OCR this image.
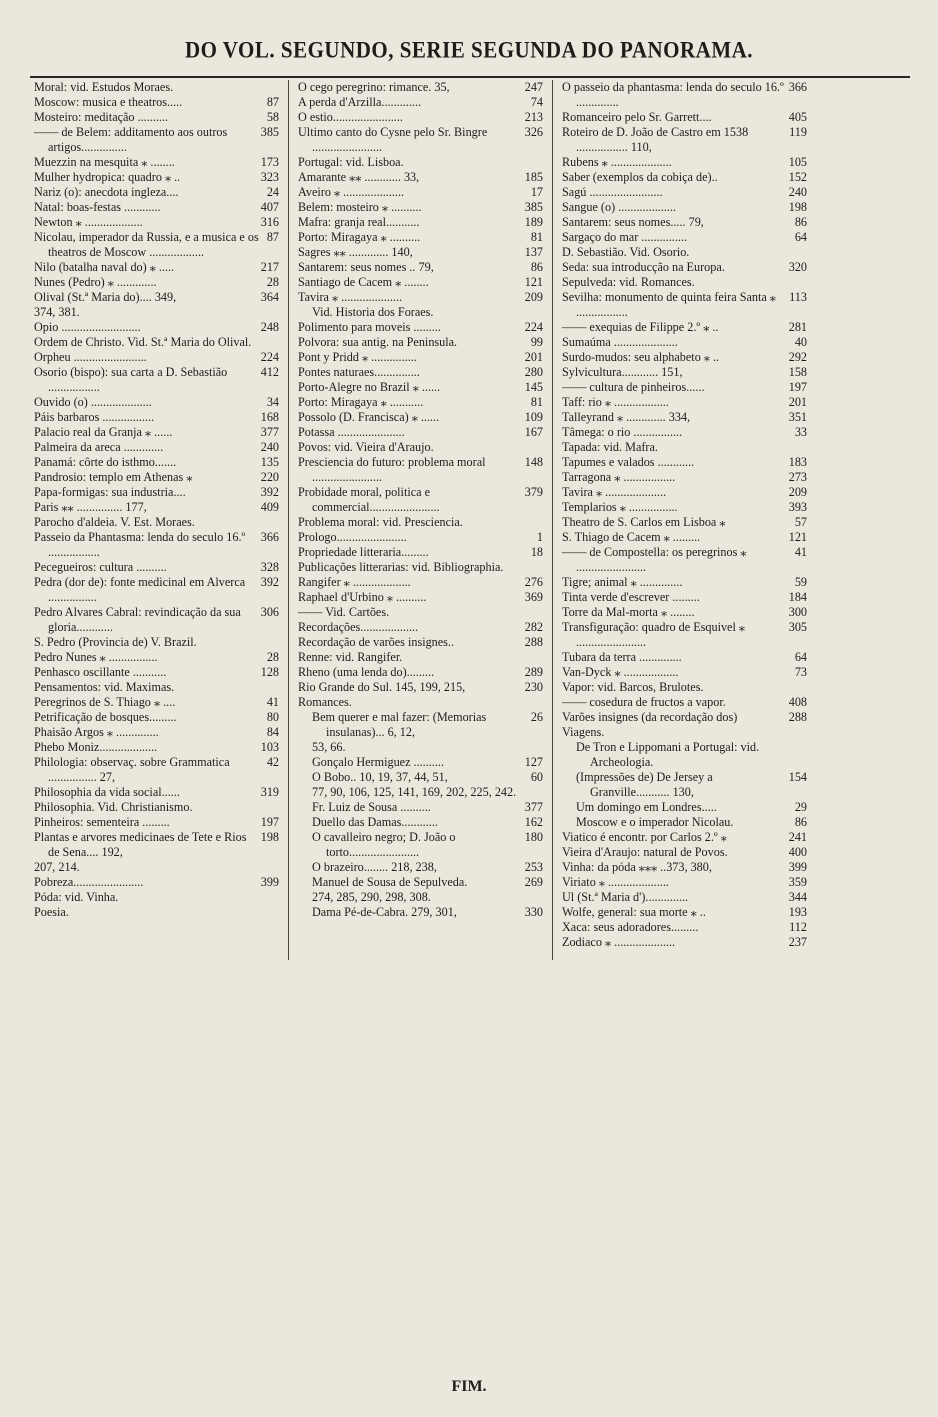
DO VOL. SEGUNDO, SERIE SEGUNDA DO PANORAMA.
Moral: vid. Estudos Moraes.
87
Moscow: musica e theatros.....
58
Mosteiro: meditação ..........
385
—— de Belem: additamento aos outros artigos...............
173
Muezzin na mesquita ⁎ ........
323
Mulher hydropica: quadro ⁎ ..
24
Nariz (o): anecdota ingleza....
407
Natal: boas-festas ............
316
Newton ⁎ ...................
87
Nicolau, imperador da Russia, e a musica e os theatros de Moscow ..................
217
Nilo (batalha naval do) ⁎ .....
28
Nunes (Pedro) ⁎ .............
364
Olival (St.ª Maria do).... 349,
374, 381.
248
Opio ..........................
Ordem de Christo. Vid. St.ª Maria do Olival.
224
Orpheu ........................
412
Osorio (bispo): sua carta a D. Sebastião .................
34
Ouvido (o) ....................
168
Páis barbaros .................
377
Palacio real da Granja ⁎ ......
240
Palmeira da areca .............
135
Panamá: côrte do isthmo.......
220
Pandrosio: templo em Athenas ⁎
392
Papa-formigas: sua industria....
409
Paris ⁎⁎ ............... 177,
Parocho d'aldeia. V. Est. Moraes.
366
Passeio da Phantasma: lenda do seculo 16.º .................
328
Pecegueiros: cultura ..........
392
Pedra (dor de): fonte medicinal em Alverca ................
306
Pedro Alvares Cabral: revindicação da sua gloria............
S. Pedro (Provincia de) V. Brazil.
28
Pedro Nunes ⁎ ................
128
Penhasco oscillante ...........
Pensamentos: vid. Maximas.
41
Peregrinos de S. Thiago ⁎ ....
80
Petrificação de bosques.........
84
Phaisão Argos ⁎ ..............
103
Phebo Moniz...................
42
Philologia: observaç. sobre Grammatica ................ 27,
319
Philosophia da vida social......
Philosophia. Vid. Christianismo.
197
Pinheiros: sementeira .........
198
Plantas e arvores medicinaes de Tete e Rios de Sena.... 192,
207, 214.
399
Pobreza.......................
Póda: vid. Vinha.
Poesia.
247
O cego peregrino: rimance. 35,
74
A perda d'Arzilla.............
213
O estio.......................
326
Ultimo canto do Cysne pelo Sr. Bingre .......................
Portugal: vid. Lisboa.
185
Amarante ⁎⁎ ............ 33,
17
Aveiro ⁎ ....................
385
Belem: mosteiro ⁎ ..........
189
Mafra: granja real...........
81
Porto: Miragaya ⁎ ..........
137
Sagres ⁎⁎ ............. 140,
86
Santarem: seus nomes .. 79,
121
Santiago de Cacem ⁎ ........
209
Tavira ⁎ ....................
Vid. Historia dos Foraes.
224
Polimento para moveis .........
99
Polvora: sua antig. na Peninsula.
201
Pont y Pridd ⁎ ...............
280
Pontes naturaes...............
145
Porto-Alegre no Brazil ⁎ ......
81
Porto: Miragaya ⁎ ...........
109
Possolo (D. Francisca) ⁎ ......
167
Potassa ......................
Povos: vid. Vieira d'Araujo.
148
Presciencia do futuro: problema moral .......................
379
Probidade moral, politica e commercial.......................
Problema moral: vid. Presciencia.
1
Prologo.......................
18
Propriedade litteraria.........
Publicações litterarias: vid. Bibliographia.
276
Rangifer ⁎ ...................
369
Raphael d'Urbino ⁎ ..........
—— Vid. Cartões.
282
Recordações...................
288
Recordação de varões insignes..
Renne: vid. Rangifer.
289
Rheno (uma lenda do).........
230
Rio Grande do Sul. 145, 199, 215,
Romances.
26
Bem querer e mal fazer: (Memorias insulanas)... 6, 12,
53, 66.
127
Gonçalo Hermiguez ..........
60
O Bobo.. 10, 19, 37, 44, 51,
77, 90, 106, 125, 141, 169, 202, 225, 242.
377
Fr. Luiz de Sousa ..........
162
Duello das Damas............
180
O cavalleiro negro; D. João o torto.......................
253
O brazeiro........ 218, 238,
269
Manuel de Sousa de Sepulveda.
274, 285, 290, 298, 308.
330
Dama Pé-de-Cabra. 279, 301,
366
O passeio da phantasma: lenda do seculo 16.º ..............
405
Romanceiro pelo Sr. Garrett....
119
Roteiro de D. João de Castro em 1538 ................. 110,
105
Rubens ⁎ ....................
152
Saber (exemplos da cobiça de)..
240
Sagú ........................
198
Sangue (o) ...................
86
Santarem: seus nomes..... 79,
64
Sargaço do mar ...............
D. Sebastião. Vid. Osorio.
320
Seda: sua introducção na Europa.
Sepulveda: vid. Romances.
113
Sevilha: monumento de quinta feira Santa ⁎ .................
281
—— exequias de Filippe 2.º ⁎ ..
40
Sumaúma .....................
292
Surdo-mudos: seu alphabeto ⁎ ..
158
Sylvicultura............ 151,
197
—— cultura de pinheiros......
201
Taff: rio ⁎ ..................
351
Talleyrand ⁎ ............. 334,
33
Tâmega: o rio ................
Tapada: vid. Mafra.
183
Tapumes e valados ............
273
Tarragona ⁎ .................
209
Tavira ⁎ ....................
393
Templarios ⁎ ................
57
Theatro de S. Carlos em Lisboa ⁎
121
S. Thiago de Cacem ⁎ .........
41
—— de Compostella: os peregrinos ⁎ .......................
59
Tigre; animal ⁎ ..............
184
Tinta verde d'escrever .........
300
Torre da Mal-morta ⁎ ........
305
Transfiguração: quadro de Esquivel ⁎ .......................
64
Tubara da terra ..............
73
Van-Dyck ⁎ ..................
Vapor: vid. Barcos, Brulotes.
408
—— cosedura de fructos a vapor.
288
Varões insignes (da recordação dos)
Viagens.
De Tron e Lippomani a Portugal: vid. Archeologia.
154
(Impressões de) De Jersey a Granville........... 130,
29
Um domingo em Londres.....
86
Moscow e o imperador Nicolau.
241
Viatico é encontr. por Carlos 2.º ⁎
400
Vieira d'Araujo: natural de Povos.
399
Vinha: da póda ⁎⁎⁎ ..373, 380,
359
Viriato ⁎ ....................
344
Ul (St.ª Maria d')..............
193
Wolfe, general: sua morte ⁎ ..
112
Xaca: seus adoradores.........
237
Zodiaco ⁎ ....................
FIM.
